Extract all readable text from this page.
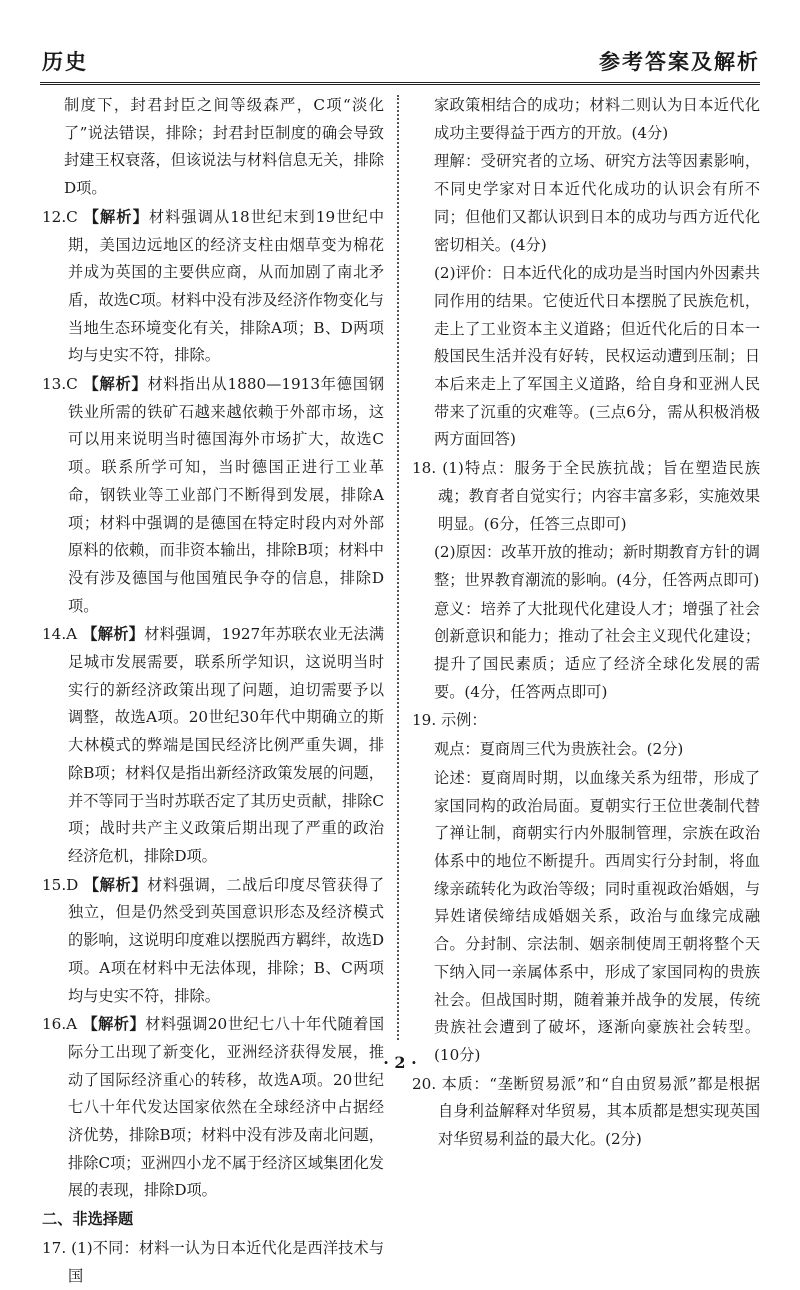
历史	参考答案及解析
制度下，封君封臣之间等级森严，C项“淡化了”说法错误，排除；封君封臣制度的确会导致封建王权衰落，但该说法与材料信息无关，排除D项。
12.C 【解析】材料强调从18世纪末到19世纪中期，美国边远地区的经济支柱由烟草变为棉花并成为英国的主要供应商，从而加剧了南北矛盾，故选C项。材料中没有涉及经济作物变化与当地生态环境变化有关，排除A项；B、D两项均与史实不符，排除。
13.C 【解析】材料指出从1880—1913年德国钢铁业所需的铁矿石越来越依赖于外部市场，这可以用来说明当时德国海外市场扩大，故选C项。联系所学可知，当时德国正进行工业革命，钢铁业等工业部门不断得到发展，排除A项；材料中强调的是德国在特定时段内对外部原料的依赖，而非资本输出，排除B项；材料中没有涉及德国与他国殖民争夺的信息，排除D项。
14.A 【解析】材料强调，1927年苏联农业无法满足城市发展需要，联系所学知识，这说明当时实行的新经济政策出现了问题，迫切需要予以调整，故选A项。20世纪30年代中期确立的斯大林模式的弊端是国民经济比例严重失调，排除B项；材料仅是指出新经济政策发展的问题，并不等同于当时苏联否定了其历史贡献，排除C项；战时共产主义政策后期出现了严重的政治经济危机，排除D项。
15.D 【解析】材料强调，二战后印度尽管获得了独立，但是仍然受到英国意识形态及经济模式的影响，这说明印度难以摆脱西方羁绊，故选D项。A项在材料中无法体现，排除；B、C两项均与史实不符，排除。
16.A 【解析】材料强调20世纪七八十年代随着国际分工出现了新变化，亚洲经济获得发展，推动了国际经济重心的转移，故选A项。20世纪七八十年代发达国家依然在全球经济中占据经济优势，排除B项；材料中没有涉及南北问题，排除C项；亚洲四小龙不属于经济区域集团化发展的表现，排除D项。
二、非选择题
17. (1)不同：材料一认为日本近代化是西洋技术与国
家政策相结合的成功；材料二则认为日本近代化成功主要得益于西方的开放。(4分)
理解：受研究者的立场、研究方法等因素影响，不同史学家对日本近代化成功的认识会有所不同；但他们又都认识到日本的成功与西方近代化密切相关。(4分)
(2)评价：日本近代化的成功是当时国内外因素共同作用的结果。它使近代日本摆脱了民族危机，走上了工业资本主义道路；但近代化后的日本一般国民生活并没有好转，民权运动遭到压制；日本后来走上了军国主义道路，给自身和亚洲人民带来了沉重的灾难等。(三点6分，需从积极消极两方面回答)
18. (1)特点：服务于全民族抗战；旨在塑造民族魂；教育者自觉实行；内容丰富多彩，实施效果明显。(6分，任答三点即可)
(2)原因：改革开放的推动；新时期教育方针的调整；世界教育潮流的影响。(4分，任答两点即可)
意义：培养了大批现代化建设人才；增强了社会创新意识和能力；推动了社会主义现代化建设；提升了国民素质；适应了经济全球化发展的需要。(4分，任答两点即可)
19. 示例：
观点：夏商周三代为贵族社会。(2分)
论述：夏商周时期，以血缘关系为纽带，形成了家国同构的政治局面。夏朝实行王位世袭制代替了禅让制，商朝实行内外服制管理，宗族在政治体系中的地位不断提升。西周实行分封制，将血缘亲疏转化为政治等级；同时重视政治婚姻，与异姓诸侯缔结成婚姻关系，政治与血缘完成融合。分封制、宗法制、姻亲制使周王朝将整个天下纳入同一亲属体系中，形成了家国同构的贵族社会。但战国时期，随着兼并战争的发展，传统贵族社会遭到了破坏，逐渐向豪族社会转型。(10分)
20. 本质：“垄断贸易派”和“自由贸易派”都是根据自身利益解释对华贸易，其本质都是想实现英国对华贸易利益的最大化。(2分)
· 2 ·
